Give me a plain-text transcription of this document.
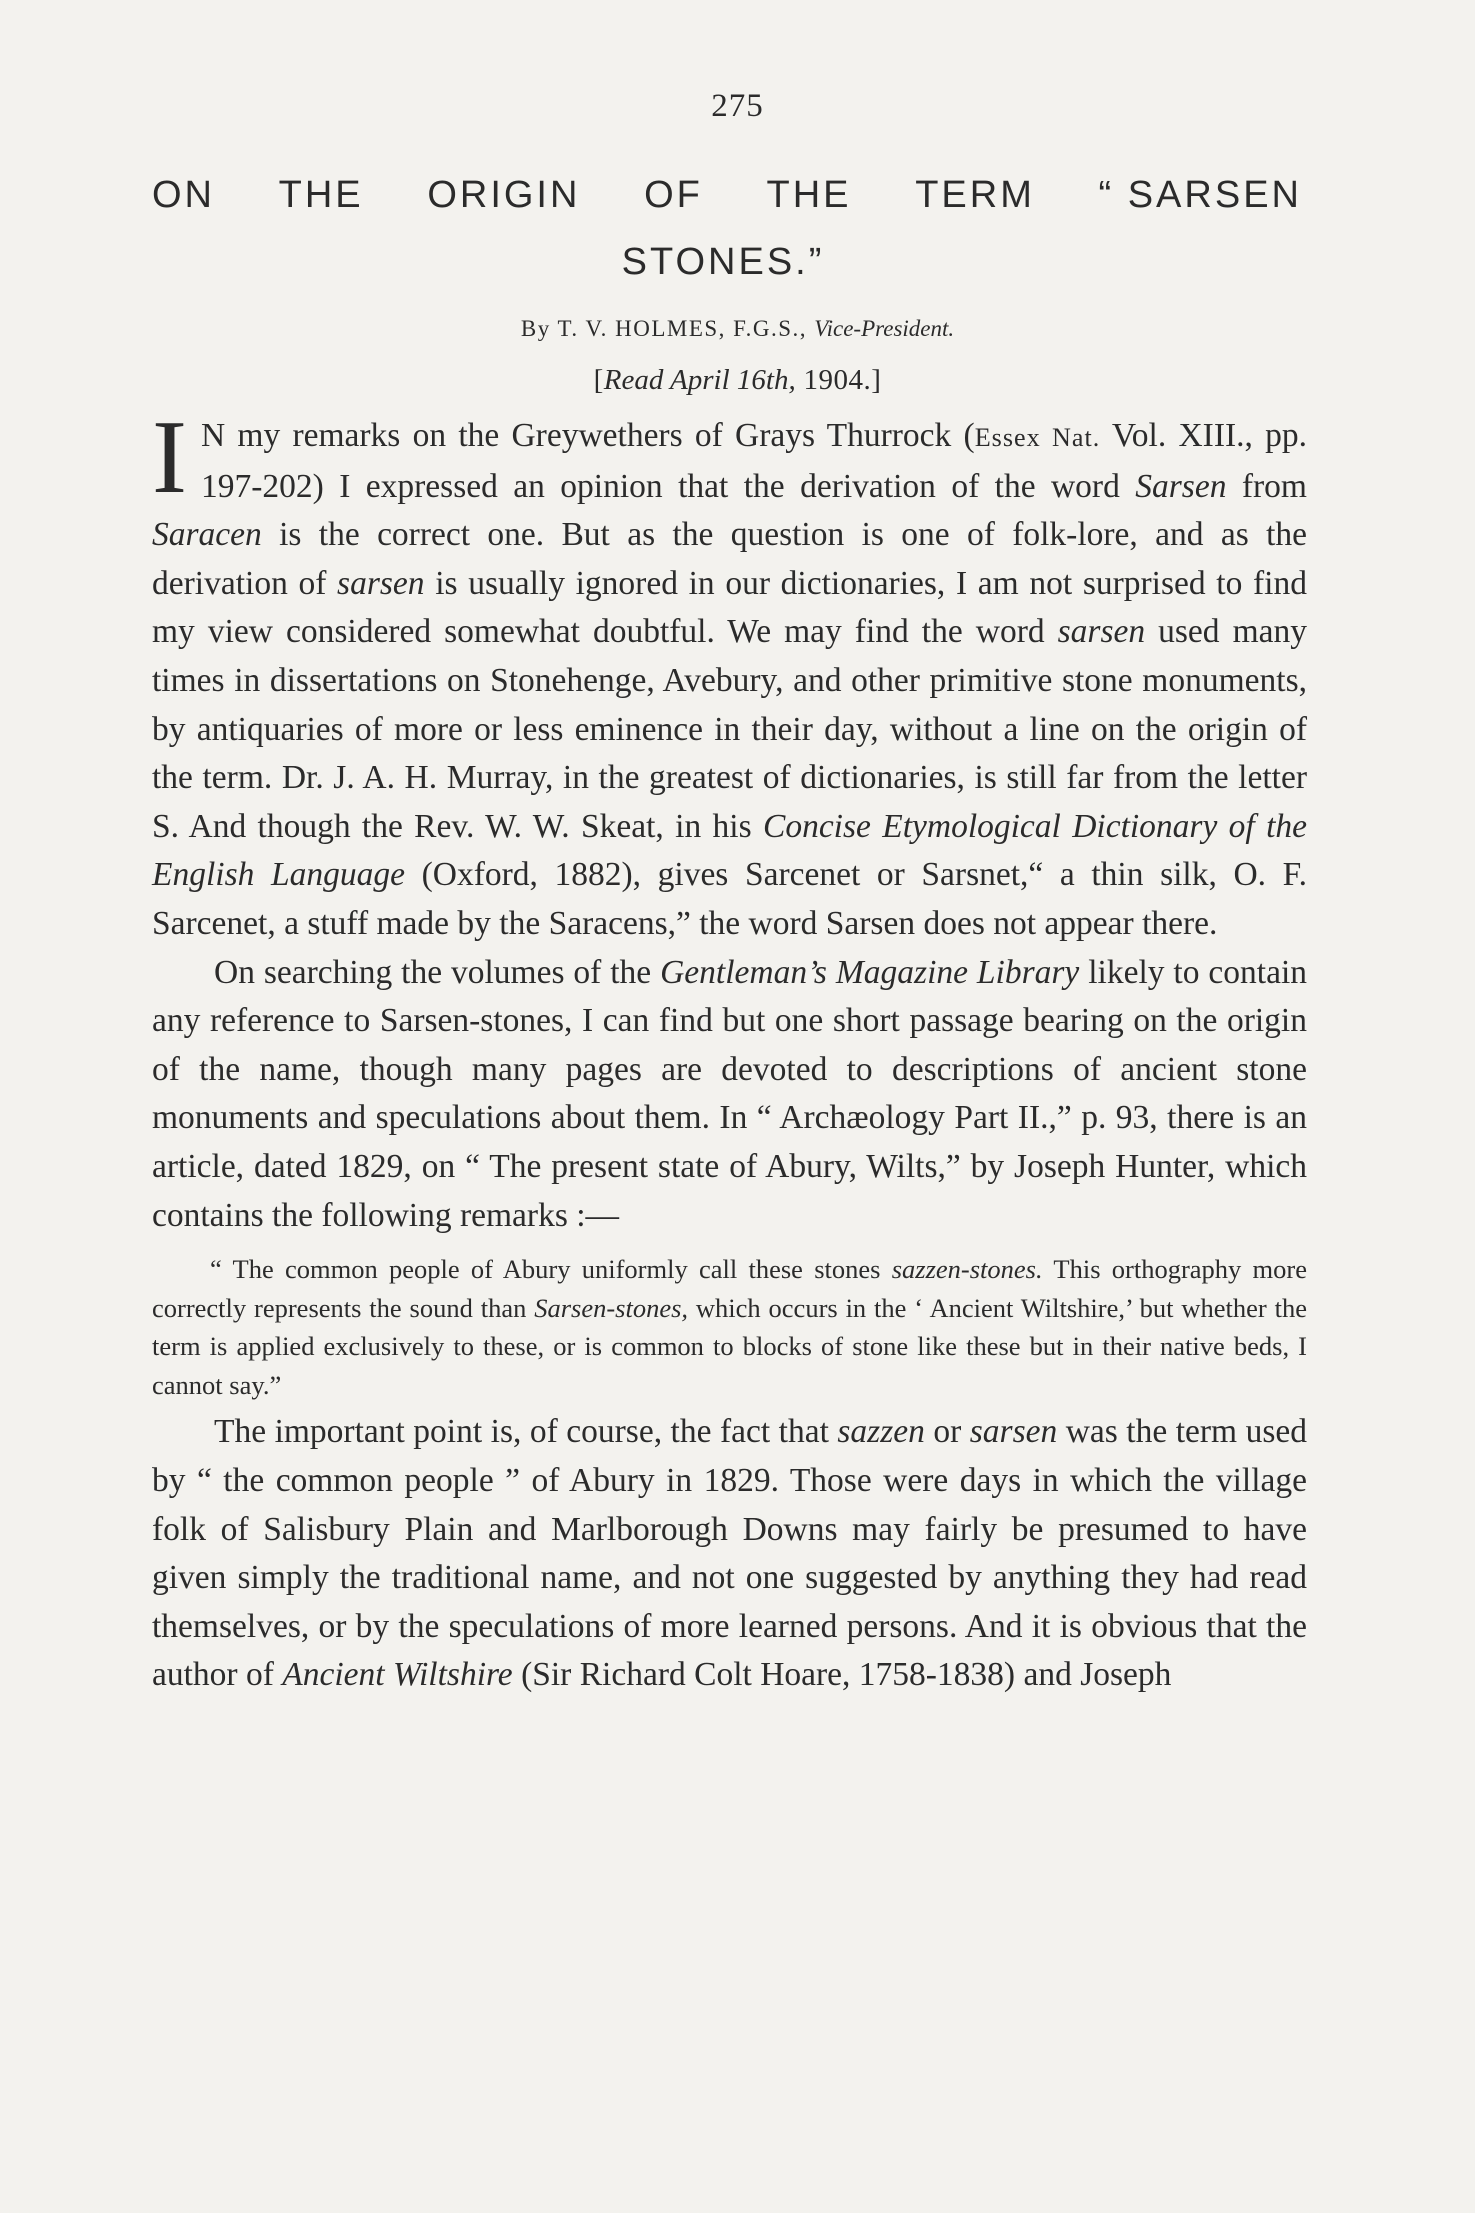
275
ON THE ORIGIN OF THE TERM “ SARSEN
STONES.”
By T. V. HOLMES, F.G.S., Vice-President.
[Read April 16th, 1904.]

I N my remarks on the Greywethers of Grays Thurrock (Essex Nat. Vol. XIII., pp. 197-202) I expressed an opinion that the derivation of the word Sarsen from Saracen is the correct one. But as the question is one of folk-lore, and as the derivation of sarsen is usually ignored in our dictionaries, I am not surprised to find my view considered somewhat doubtful. We may find the word sarsen used many times in dissertations on Stonehenge, Avebury, and other primitive stone monuments, by antiquaries of more or less eminence in their day, without a line on the origin of the term. Dr. J. A. H. Murray, in the greatest of dictionaries, is still far from the letter S. And though the Rev. W. W. Skeat, in his Concise Etymological Dictionary of the English Language (Oxford, 1882), gives Sarcenet or Sarsnet,“ a thin silk, O. F. Sarcenet, a stuff made by the Saracens,” the word Sarsen does not appear there.

On searching the volumes of the Gentleman’s Magazine Library likely to contain any reference to Sarsen-stones, I can find but one short passage bearing on the origin of the name, though many pages are devoted to descriptions of ancient stone monuments and speculations about them. In “ Archæology Part II.,” p. 93, there is an article, dated 1829, on “ The present state of Abury, Wilts,” by Joseph Hunter, which contains the following remarks :—

“ The common people of Abury uniformly call these stones sazzen-stones. This orthography more correctly represents the sound than Sarsen-stones, which occurs in the ‘ Ancient Wiltshire,’ but whether the term is applied exclusively to these, or is common to blocks of stone like these but in their native beds, I cannot say.”

The important point is, of course, the fact that sazzen or sarsen was the term used by “ the common people ” of Abury in 1829. Those were days in which the village folk of Salisbury Plain and Marlborough Downs may fairly be presumed to have given simply the traditional name, and not one suggested by anything they had read themselves, or by the speculations of more learned persons. And it is obvious that the author of Ancient Wiltshire (Sir Richard Colt Hoare, 1758-1838) and Joseph
